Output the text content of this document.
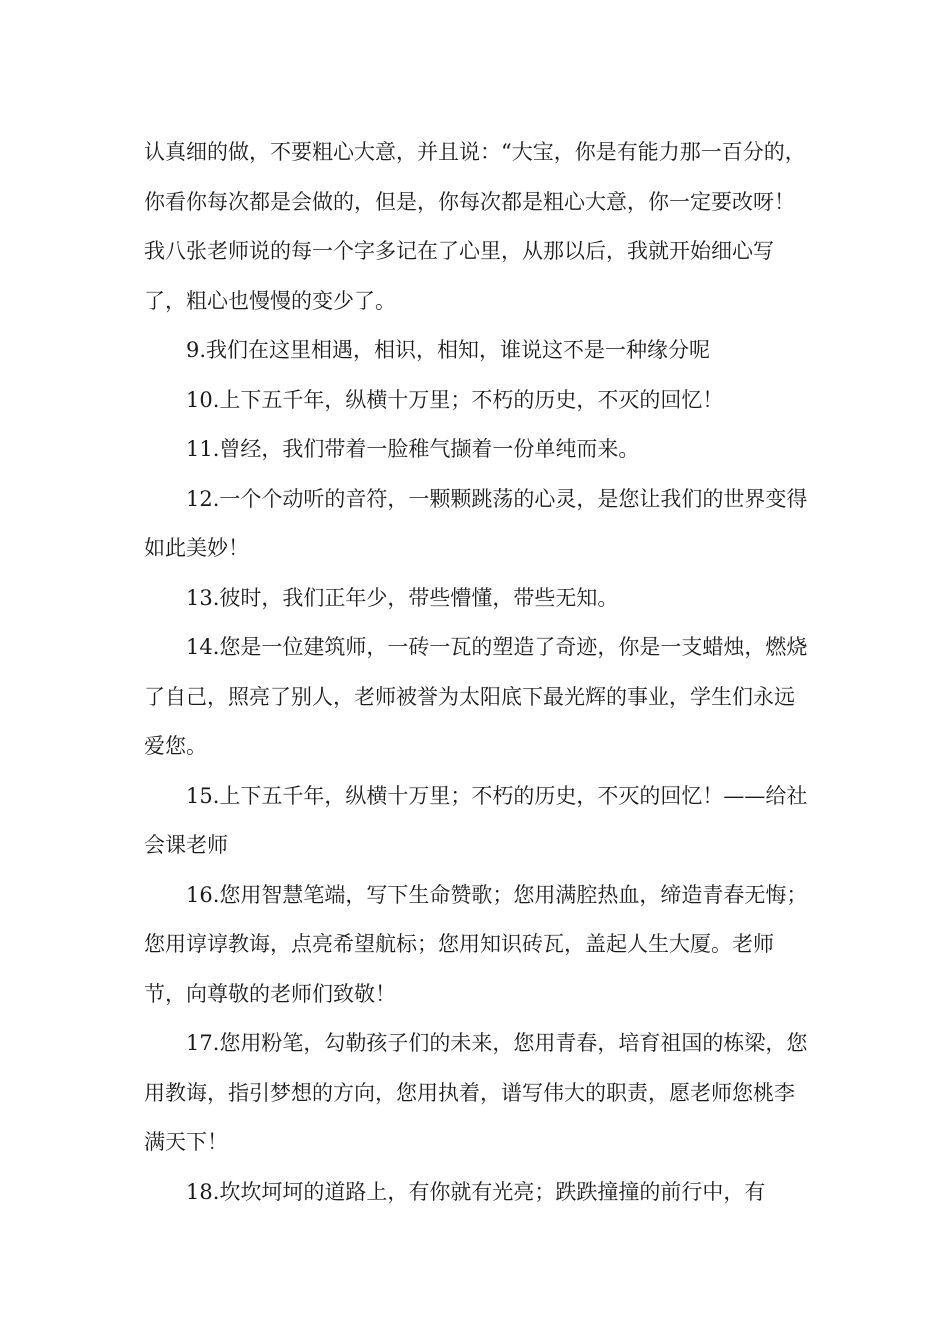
认真细的做，不要粗心大意，并且说：“大宝，你是有能力那一百分的，你看你每次都是会做的，但是，你每次都是粗心大意，你一定要改呀！我八张老师说的每一个字多记在了心里，从那以后，我就开始细心写了，粗心也慢慢的变少了。

9.我们在这里相遇，相识，相知，谁说这不是一种缘分呢

10.上下五千年，纵横十万里；不朽的历史，不灭的回忆！

11.曾经，我们带着一脸稚气撷着一份单纯而来。

12.一个个动听的音符，一颗颗跳荡的心灵，是您让我们的世界变得如此美妙！

13.彼时，我们正年少，带些懵懂，带些无知。

14.您是一位建筑师，一砖一瓦的塑造了奇迹，你是一支蜡烛，燃烧了自己，照亮了别人，老师被誉为太阳底下最光辉的事业，学生们永远爱您。

15.上下五千年，纵横十万里；不朽的历史，不灭的回忆！——给社会课老师

16.您用智慧笔端，写下生命赞歌；您用满腔热血，缔造青春无悔；您用谆谆教诲，点亮希望航标；您用知识砖瓦，盖起人生大厦。老师节，向尊敬的老师们致敬！

17.您用粉笔，勾勒孩子们的未来，您用青春，培育祖国的栋梁，您用教诲，指引梦想的方向，您用执着，谱写伟大的职责，愿老师您桃李满天下！

18.坎坎坷坷的道路上，有你就有光亮；跌跌撞撞的前行中，有
